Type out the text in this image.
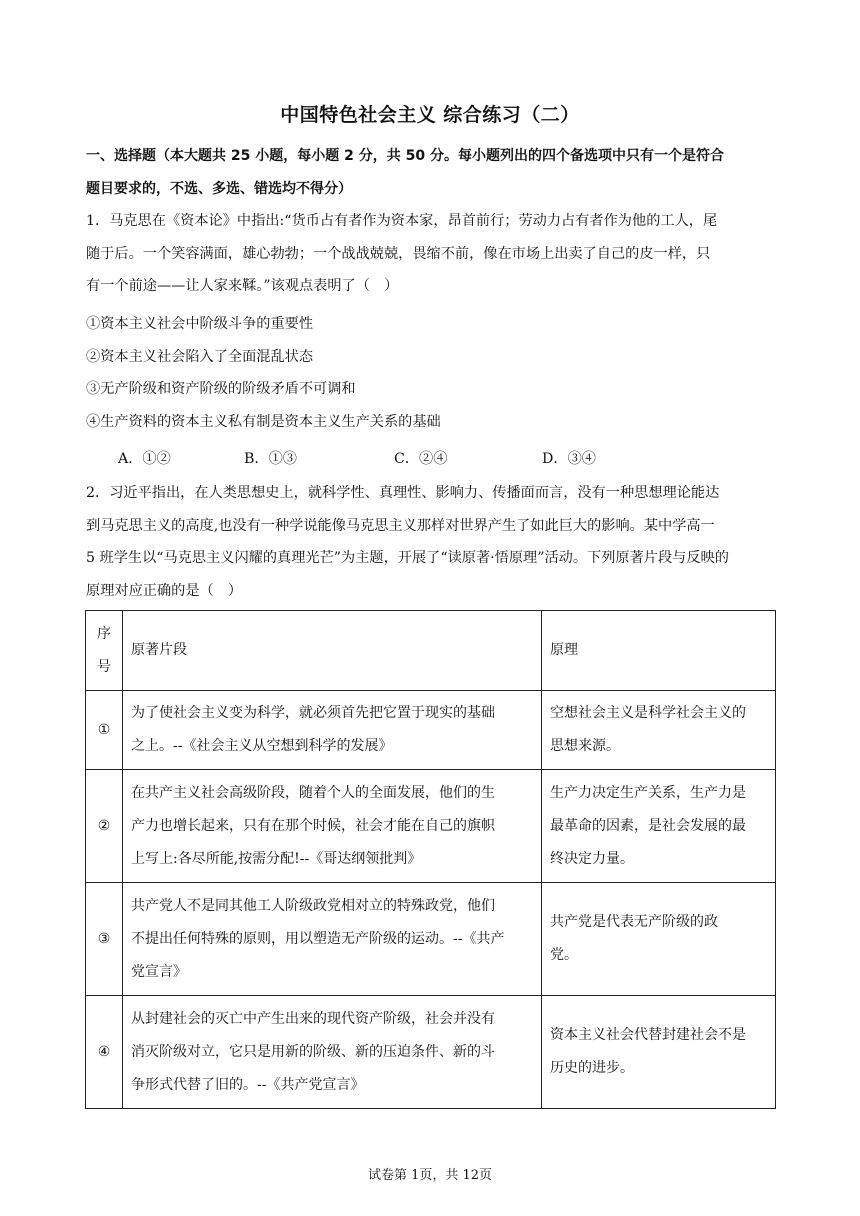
中国特色社会主义 综合练习（二）
一、选择题（本大题共 25 小题，每小题 2 分，共 50 分。每小题列出的四个备选项中只有一个是符合
题目要求的，不选、多选、错选均不得分）
1．马克思在《资本论》中指出:“货币占有者作为资本家，昂首前行；劳动力占有者作为他的工人，尾
随于后。一个笑容满面，雄心勃勃；一个战战兢兢，畏缩不前，像在市场上出卖了自己的皮一样，只
有一个前途——让人家来鞣。”该观点表明了（　）
①资本主义社会中阶级斗争的重要性
②资本主义社会陷入了全面混乱状态
③无产阶级和资产阶级的阶级矛盾不可调和
④生产资料的资本主义私有制是资本主义生产关系的基础
A．①②	B．①③	C．②④	D．③④
2．习近平指出，在人类思想史上，就科学性、真理性、影响力、传播面而言，没有一种思想理论能达
到马克思主义的高度,也没有一种学说能像马克思主义那样对世界产生了如此巨大的影响。某中学高一
5 班学生以“马克思主义闪耀的真理光芒”为主题，开展了“读原著·悟原理”活动。下列原著片段与反映的
原理对应正确的是（　）
序
号	原著片段	原理
①	为了使社会主义变为科学，就必须首先把它置于现实的基础
之上。--《社会主义从空想到科学的发展》	空想社会主义是科学社会主义的
思想来源。

②	在共产主义社会高级阶段，随着个人的全面发展，他们的生
产力也增长起来，只有在那个时候，社会才能在自己的旗帜
上写上:各尽所能,按需分配!--《哥达纲领批判》	生产力决定生产关系，生产力是
最革命的因素，是社会发展的最
终决定力量。

③	共产党人不是同其他工人阶级政党相对立的特殊政党，他们
不提出任何特殊的原则，用以塑造无产阶级的运动。--《共产
党宣言》	共产党是代表无产阶级的政
党。

④	从封建社会的灭亡中产生出来的现代资产阶级，社会并没有
消灭阶级对立，它只是用新的阶级、新的压迫条件、新的斗
争形式代替了旧的。--《共产党宣言》	资本主义社会代替封建社会不是
历史的进步。
试卷第 1页，共 12页
